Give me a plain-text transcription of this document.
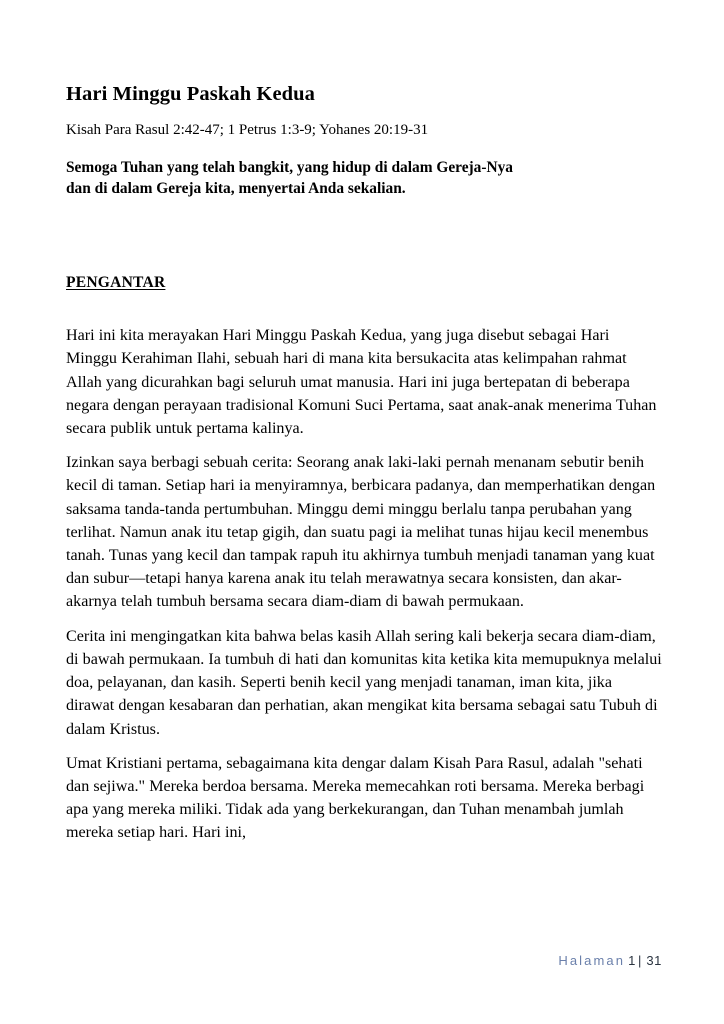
Hari Minggu Paskah Kedua
Kisah Para Rasul 2:42-47; 1 Petrus 1:3-9; Yohanes 20:19-31
Semoga Tuhan yang telah bangkit, yang hidup di dalam Gereja-Nya
dan di dalam Gereja kita, menyertai Anda sekalian.
PENGANTAR

Hari ini kita merayakan Hari Minggu Paskah Kedua, yang juga disebut sebagai Hari Minggu Kerahiman Ilahi, sebuah hari di mana kita bersukacita atas kelimpahan rahmat Allah yang dicurahkan bagi seluruh umat manusia. Hari ini juga bertepatan di beberapa negara dengan perayaan tradisional Komuni Suci Pertama, saat anak-anak menerima Tuhan secara publik untuk pertama kalinya.

Izinkan saya berbagi sebuah cerita: Seorang anak laki-laki pernah menanam sebutir benih kecil di taman. Setiap hari ia menyiramnya, berbicara padanya, dan memperhatikan dengan saksama tanda-tanda pertumbuhan. Minggu demi minggu berlalu tanpa perubahan yang terlihat. Namun anak itu tetap gigih, dan suatu pagi ia melihat tunas hijau kecil menembus tanah. Tunas yang kecil dan tampak rapuh itu akhirnya tumbuh menjadi tanaman yang kuat dan subur—tetapi hanya karena anak itu telah merawatnya secara konsisten, dan akar-akarnya telah tumbuh bersama secara diam-diam di bawah permukaan.

Cerita ini mengingatkan kita bahwa belas kasih Allah sering kali bekerja secara diam-diam, di bawah permukaan. Ia tumbuh di hati dan komunitas kita ketika kita memupuknya melalui doa, pelayanan, dan kasih. Seperti benih kecil yang menjadi tanaman, iman kita, jika dirawat dengan kesabaran dan perhatian, akan mengikat kita bersama sebagai satu Tubuh di dalam Kristus.

Umat Kristiani pertama, sebagaimana kita dengar dalam Kisah Para Rasul, adalah "sehati dan sejiwa." Mereka berdoa bersama. Mereka memecahkan roti bersama. Mereka berbagi apa yang mereka miliki. Tidak ada yang berkekurangan, dan Tuhan menambah jumlah mereka setiap hari. Hari ini,

Halaman 1 | 31
